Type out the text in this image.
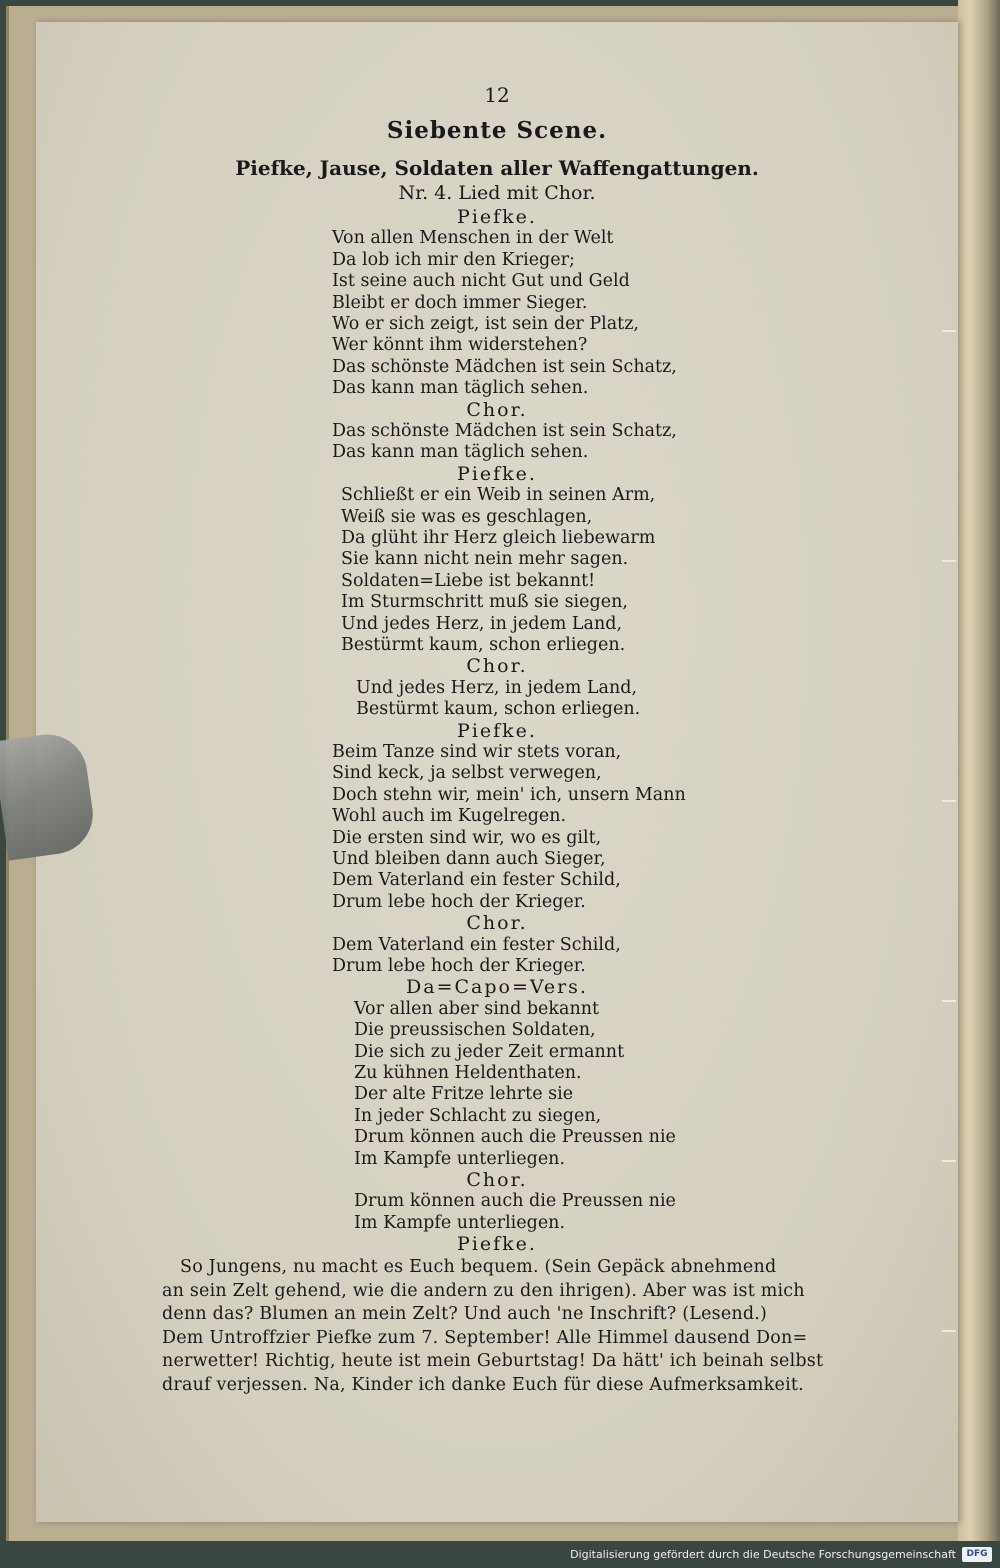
12
Siebente Scene.
Piefke, Jause, Soldaten aller Waffengattungen.
Nr. 4. Lied mit Chor.
Piefke.
Von allen Menschen in der Welt
Da lob ich mir den Krieger;
Ist seine auch nicht Gut und Geld
Bleibt er doch immer Sieger.
Wo er sich zeigt, ist sein der Platz,
Wer könnt ihm widerstehen?
Das schönste Mädchen ist sein Schatz,
Das kann man täglich sehen.
Chor.
Das schönste Mädchen ist sein Schatz,
Das kann man täglich sehen.
Piefke.
Schließt er ein Weib in seinen Arm,
Weiß sie was es geschlagen,
Da glüht ihr Herz gleich liebewarm
Sie kann nicht nein mehr sagen.
Soldaten=Liebe ist bekannt!
Im Sturmschritt muß sie siegen,
Und jedes Herz, in jedem Land,
Bestürmt kaum, schon erliegen.
Chor.
Und jedes Herz, in jedem Land,
Bestürmt kaum, schon erliegen.
Piefke.
Beim Tanze sind wir stets voran,
Sind keck, ja selbst verwegen,
Doch stehn wir, mein' ich, unsern Mann
Wohl auch im Kugelregen.
Die ersten sind wir, wo es gilt,
Und bleiben dann auch Sieger,
Dem Vaterland ein fester Schild,
Drum lebe hoch der Krieger.
Chor.
Dem Vaterland ein fester Schild,
Drum lebe hoch der Krieger.
Da=Capo=Vers.
Vor allen aber sind bekannt
Die preussischen Soldaten,
Die sich zu jeder Zeit ermannt
Zu kühnen Heldenthaten.
Der alte Fritze lehrte sie
In jeder Schlacht zu siegen,
Drum können auch die Preussen nie
Im Kampfe unterliegen.
Chor.
Drum können auch die Preussen nie
Im Kampfe unterliegen.
Piefke.
So Jungens, nu macht es Euch bequem. (Sein Gepäck abnehmend
an sein Zelt gehend, wie die andern zu den ihrigen). Aber was ist mich
denn das? Blumen an mein Zelt? Und auch 'ne Inschrift? (Lesend.)
Dem Untroffzier Piefke zum 7. September! Alle Himmel dausend Don=
nerwetter! Richtig, heute ist mein Geburtstag! Da hätt' ich beinah selbst
drauf verjessen. Na, Kinder ich danke Euch für diese Aufmerksamkeit.
Digitalisierung gefördert durch die Deutsche Forschungsgemeinschaft	DFG
